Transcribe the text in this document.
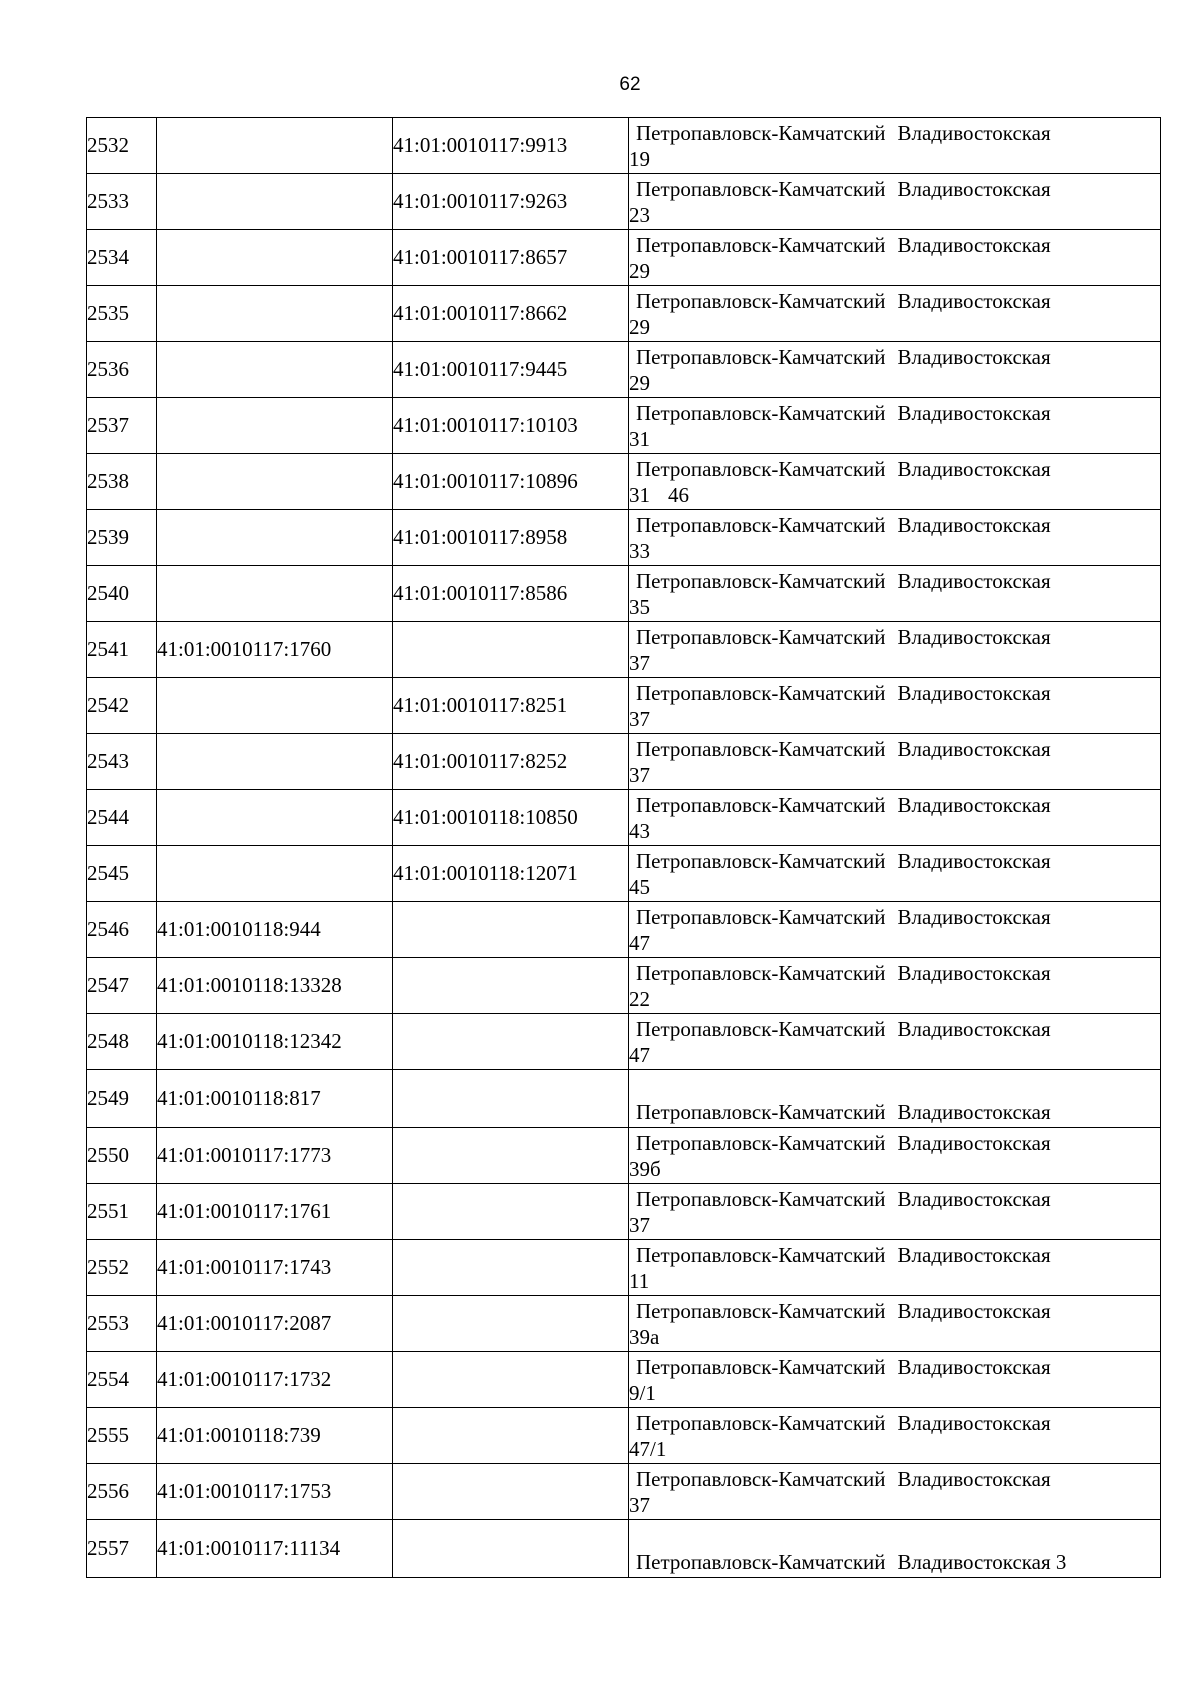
62
2532		41:01:0010117:9913	Петропавловск-Камчатский Владивостокская
19

2533		41:01:0010117:9263	Петропавловск-Камчатский Владивостокская
23

2534		41:01:0010117:8657	Петропавловск-Камчатский Владивостокская
29

2535		41:01:0010117:8662	Петропавловск-Камчатский Владивостокская
29

2536		41:01:0010117:9445	Петропавловск-Камчатский Владивостокская
29

2537		41:01:0010117:10103	Петропавловск-Камчатский Владивостокская
31

2538		41:01:0010117:10896	Петропавловск-Камчатский Владивостокская
31 46

2539		41:01:0010117:8958	Петропавловск-Камчатский Владивостокская
33

2540		41:01:0010117:8586	Петропавловск-Камчатский Владивостокская
35

2541	41:01:0010117:1760		Петропавловск-Камчатский Владивостокская
37

2542		41:01:0010117:8251	Петропавловск-Камчатский Владивостокская
37

2543		41:01:0010117:8252	Петропавловск-Камчатский Владивостокская
37

2544		41:01:0010118:10850	Петропавловск-Камчатский Владивостокская
43

2545		41:01:0010118:12071	Петропавловск-Камчатский Владивостокская
45

2546	41:01:0010118:944		Петропавловск-Камчатский Владивостокская
47

2547	41:01:0010118:13328		Петропавловск-Камчатский Владивостокская
22

2548	41:01:0010118:12342		Петропавловск-Камчатский Владивостокская
47

2549	41:01:0010118:817		Петропавловск-Камчатский Владивостокская

2550	41:01:0010117:1773		Петропавловск-Камчатский Владивостокская
39б

2551	41:01:0010117:1761		Петропавловск-Камчатский Владивостокская
37

2552	41:01:0010117:1743		Петропавловск-Камчатский Владивостокская
11

2553	41:01:0010117:2087		Петропавловск-Камчатский Владивостокская
39а

2554	41:01:0010117:1732		Петропавловск-Камчатский Владивостокская
9/1

2555	41:01:0010118:739		Петропавловск-Камчатский Владивостокская
47/1

2556	41:01:0010117:1753		Петропавловск-Камчатский Владивостокская
37

2557	41:01:0010117:11134		Петропавловск-Камчатский Владивостокская 3
